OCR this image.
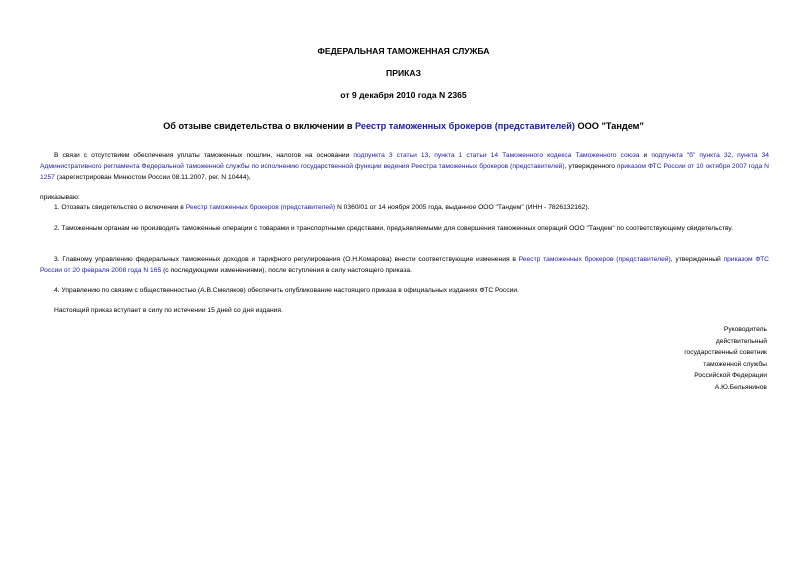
ФЕДЕРАЛЬНАЯ ТАМОЖЕННАЯ СЛУЖБА
ПРИКАЗ
от 9 декабря 2010 года N 2365
Об отзыве свидетельства о включении в Реестр таможенных брокеров (представителей) ООО "Тандем"

В связи с отсутствием обеспечения уплаты таможенных пошлин, налогов на основании подпункта 3 статьи 13, пункта 1 статьи 14 Таможенного кодекса Таможенного союза и подпункта "б" пункта 32, пункта 34 Административного регламента Федеральной таможенной службы по исполнению государственной функции ведения Реестра таможенных брокеров (представителей), утвержденного приказом ФТС России от 10 октября 2007 года N 1257 (зарегистрирован Минюстом России 08.11.2007, рег. N 10444),

приказываю:

1. Отозвать свидетельство о включении в Реестр таможенных брокеров (представителей) N 0360/01 от 14 ноября 2005 года, выданное ООО "Тандем" (ИНН - 7826132162).

2. Таможенным органам не производить таможенные операции с товарами и транспортными средствами, предъявляемыми для совершения таможенных операций ООО "Тандем" по соответствующему свидетельству.

3. Главному управлению федеральных таможенных доходов и тарифного регулирования (О.Н.Комарова) внести соответствующие изменения в Реестр таможенных брокеров (представителей), утвержденный приказом ФТС России от 20 февраля 2008 года N 165 (с последующими изменениями), после вступления в силу настоящего приказа.

4. Управлению по связям с общественностью (А.В.Смеляков) обеспечить опубликование настоящего приказа в официальных изданиях ФТС России.

Настоящий приказ вступает в силу по истечении 15 дней со дня издания.

Руководитель
действительный
государственный советник
таможенной службы
Российской Федерации
А.Ю.Бельянинов
